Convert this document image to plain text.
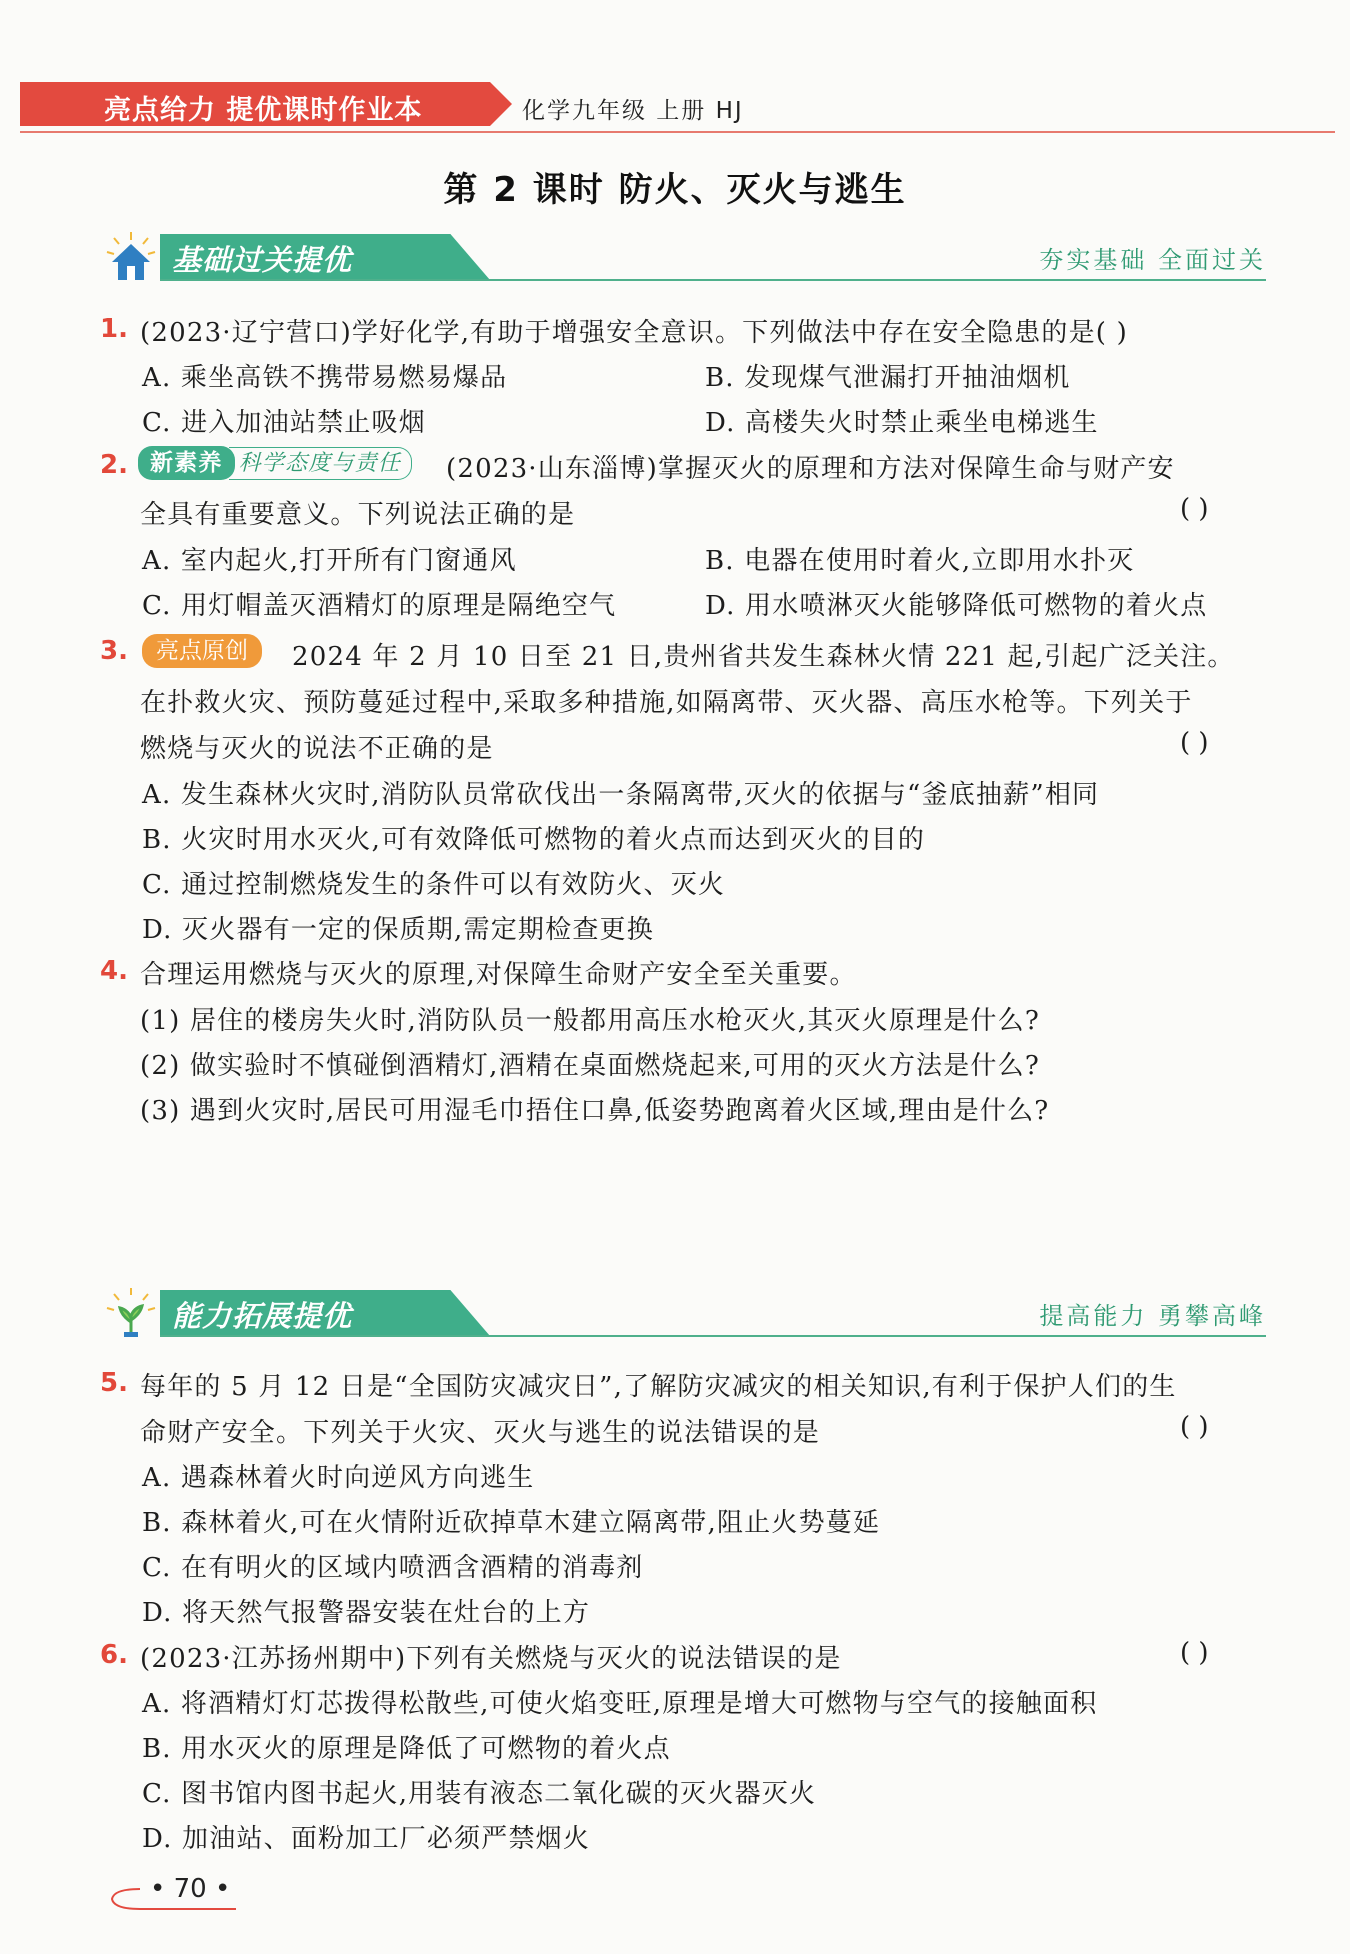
亮点给力 提优课时作业本	化学九年级 上册 HJ
第 2 课时 防火、灭火与逃生
基础过关提优	夯实基础 全面过关
1. (2023·辽宁营口)学好化学,有助于增强安全意识。下列做法中存在安全隐患的是( )
A. 乘坐高铁不携带易燃易爆品	B. 发现煤气泄漏打开抽油烟机
C. 进入加油站禁止吸烟	D. 高楼失火时禁止乘坐电梯逃生
2. 新素养 科学态度与责任	(2023·山东淄博)掌握灭火的原理和方法对保障生命与财产安
全具有重要意义。下列说法正确的是	( )
A. 室内起火,打开所有门窗通风	B. 电器在使用时着火,立即用水扑灭
C. 用灯帽盖灭酒精灯的原理是隔绝空气	D. 用水喷淋灭火能够降低可燃物的着火点
3.	亮点原创	2024 年 2 月 10 日至 21 日,贵州省共发生森林火情 221 起,引起广泛关注。
在扑救火灾、预防蔓延过程中,采取多种措施,如隔离带、灭火器、高压水枪等。下列关于
燃烧与灭火的说法不正确的是	( )
A. 发生森林火灾时,消防队员常砍伐出一条隔离带,灭火的依据与“釜底抽薪”相同
B. 火灾时用水灭火,可有效降低可燃物的着火点而达到灭火的目的
C. 通过控制燃烧发生的条件可以有效防火、灭火
D. 灭火器有一定的保质期,需定期检查更换
4. 合理运用燃烧与灭火的原理,对保障生命财产安全至关重要。
(1) 居住的楼房失火时,消防队员一般都用高压水枪灭火,其灭火原理是什么?
(2) 做实验时不慎碰倒酒精灯,酒精在桌面燃烧起来,可用的灭火方法是什么?
(3) 遇到火灾时,居民可用湿毛巾捂住口鼻,低姿势跑离着火区域,理由是什么?
能力拓展提优	提高能力 勇攀高峰
5. 每年的 5 月 12 日是“全国防灾减灾日”,了解防灾减灾的相关知识,有利于保护人们的生
命财产安全。下列关于火灾、灭火与逃生的说法错误的是	( )
A. 遇森林着火时向逆风方向逃生
B. 森林着火,可在火情附近砍掉草木建立隔离带,阻止火势蔓延
C. 在有明火的区域内喷洒含酒精的消毒剂
D. 将天然气报警器安装在灶台的上方
6. (2023·江苏扬州期中)下列有关燃烧与灭火的说法错误的是	( )
A. 将酒精灯灯芯拨得松散些,可使火焰变旺,原理是增大可燃物与空气的接触面积
B. 用水灭火的原理是降低了可燃物的着火点
C. 图书馆内图书起火,用装有液态二氧化碳的灭火器灭火
D. 加油站、面粉加工厂必须严禁烟火
• 70 •
